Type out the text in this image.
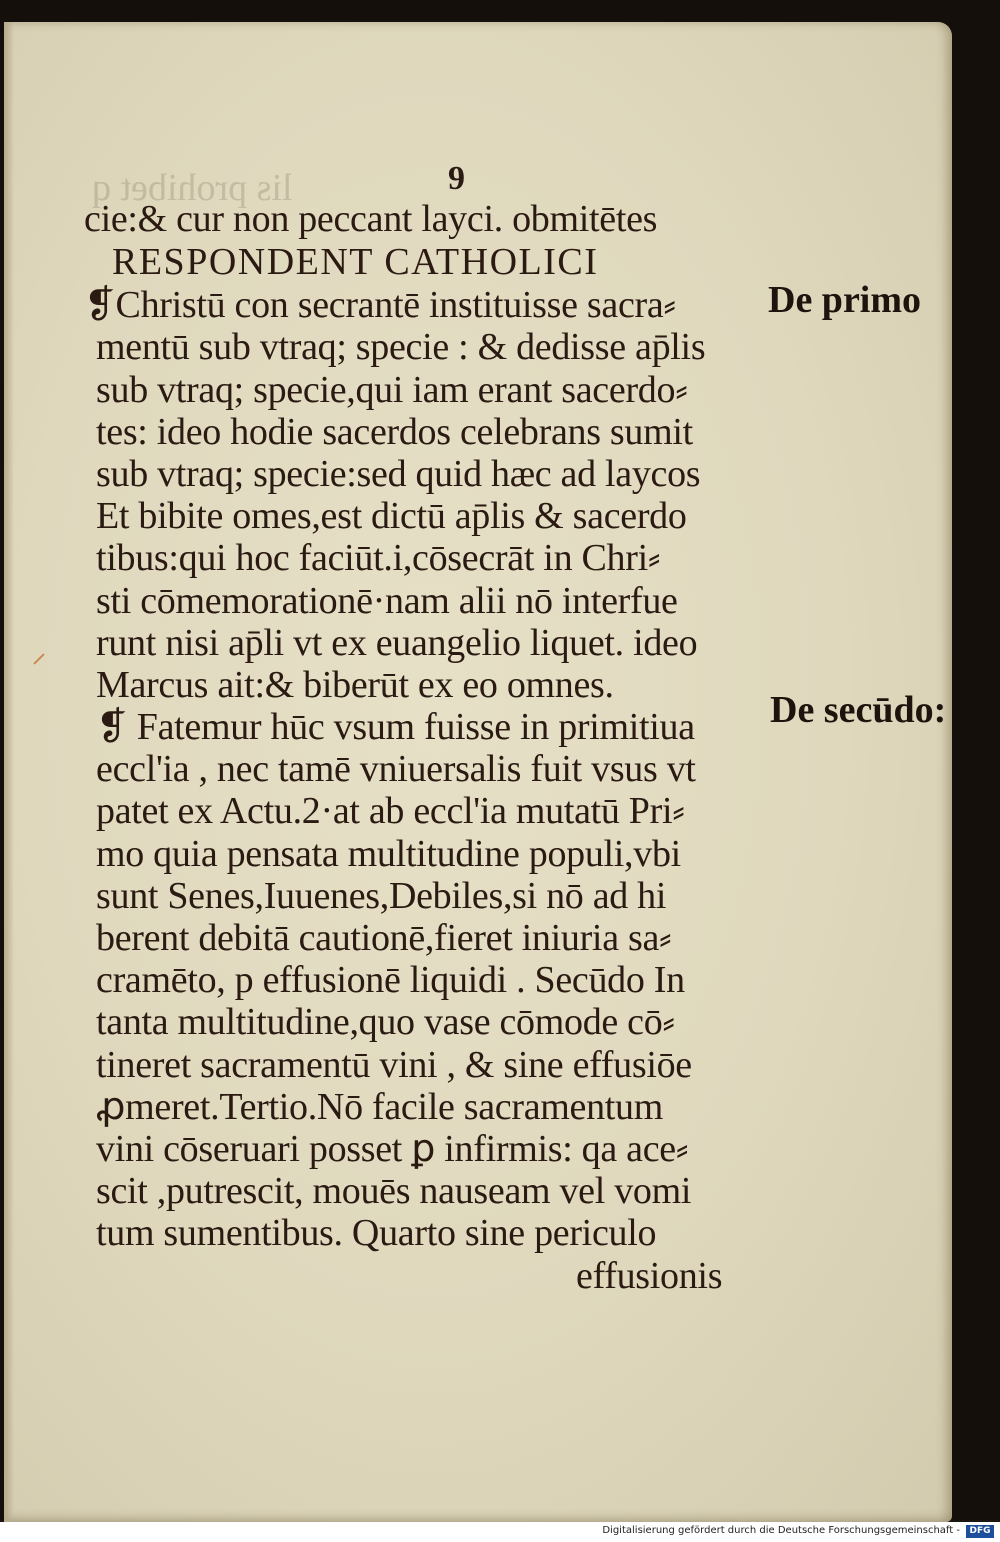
lis prohibet q	9
cie:& cur non peccant layci. obmitētes
RESPONDENT CATHOLICI
❡Christū con secrantē instituisse sacra⸗
mentū sub vtraq; specie : & dedisse ap̄lis
sub vtraq; specie,qui iam erant sacerdo⸗
tes: ideo hodie sacerdos celebrans sumit
sub vtraq; specie:sed quid hæc ad laycos
Et bibite omes,est dictū ap̄lis & sacerdo
tibus:qui hoc faciūt.i,cōsecrāt in Chri⸗
sti cōmemorationē·nam alii nō interfue
runt nisi ap̄li vt ex euangelio liquet. ideo
Marcus ait:& biberūt ex eo omnes.
❡ Fatemur hūc vsum fuisse in primitiua
eccl'ia , nec tamē vniuersalis fuit vsus vt
patet ex Actu.2·at ab eccl'ia mutatū Pri⸗
mo quia pensata multitudine populi,vbi
sunt Senes,Iuuenes,Debiles,si nō ad hi
berent debitā cautionē,fieret iniuria sa⸗
cramēto, p effusionē liquidi . Secūdo In
tanta multitudine,quo vase cōmode cō⸗
tineret sacramentū vini , & sine effusiōe
ꝓmeret.Tertio.Nō facile sacramentum
vini cōseruari posset ꝑ infirmis: qa ace⸗
scit ,putrescit, mouēs nauseam vel vomi
tum sumentibus. Quarto sine periculo
effusionis
De primo
De secūdo:
Digitalisierung gefördert durch die Deutsche Forschungsgemeinschaft -	DFG
